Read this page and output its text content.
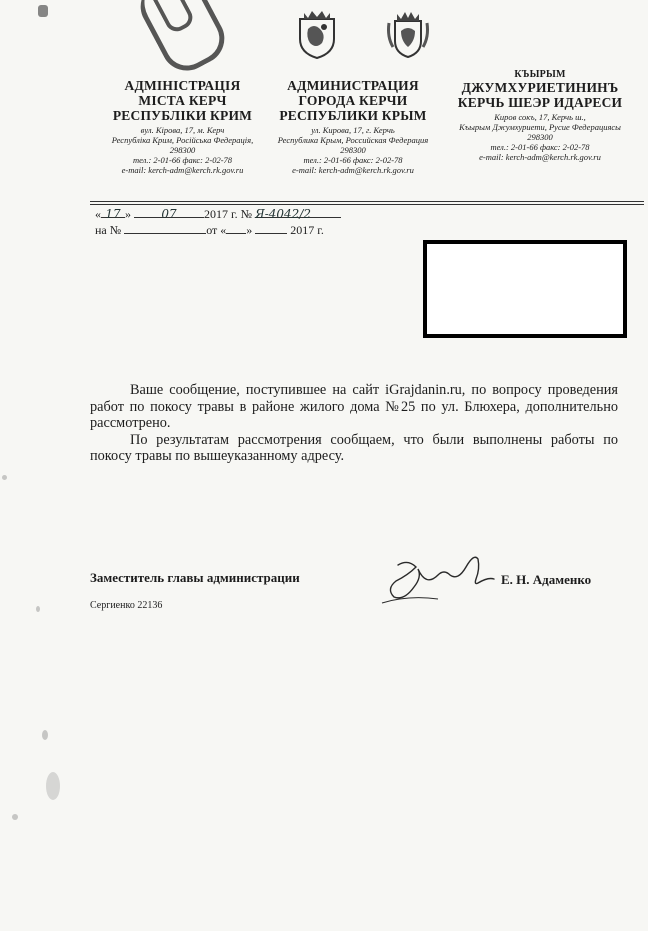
АДМІНІСТРАЦІЯ
МІСТА КЕРЧ
РЕСПУБЛІКИ КРИМ
вул. Кірова, 17, м. Керч
Республіка Крим, Російська Федерація,
298300
тел.: 2-01-66 факс: 2-02-78
e-mail: kerch-adm@kerch.rk.gov.ru
АДМИНИСТРАЦИЯ
ГОРОДА КЕРЧИ
РЕСПУБЛИКИ КРЫМ
ул. Кирова, 17, г. Керчь
Республика Крым, Российская Федерация
298300
тел.: 2-01-66 факс: 2-02-78
e-mail: kerch-adm@kerch.rk.gov.ru
КЪЫРЫМ
ДЖУМХУРИЕТИНИНЪ
КЕРЧЬ ШЕЭР ИДАРЕСИ
Киров сокъ, 17, Керчь ш.,
Къырым Джумхуриети, Русие Федерациясы
298300
тел.: 2-01-66 факс: 2-02-78
e-mail: kerch-adm@kerch.rk.gov.ru
« 17 » 07 2017 г. № Я-4042/2
на №	от « »	2017 г.

Ваше сообщение, поступившее на сайт iGrajdanin.ru, по вопросу проведения работ по покосу травы в районе жилого дома №25 по ул. Блюхера, дополнительно рассмотрено.

По результатам рассмотрения сообщаем, что были выполнены работы по покосу травы по вышеуказанному адресу.

Заместитель главы администрации	Е. Н. Адаменко
Сергиенко 22136
